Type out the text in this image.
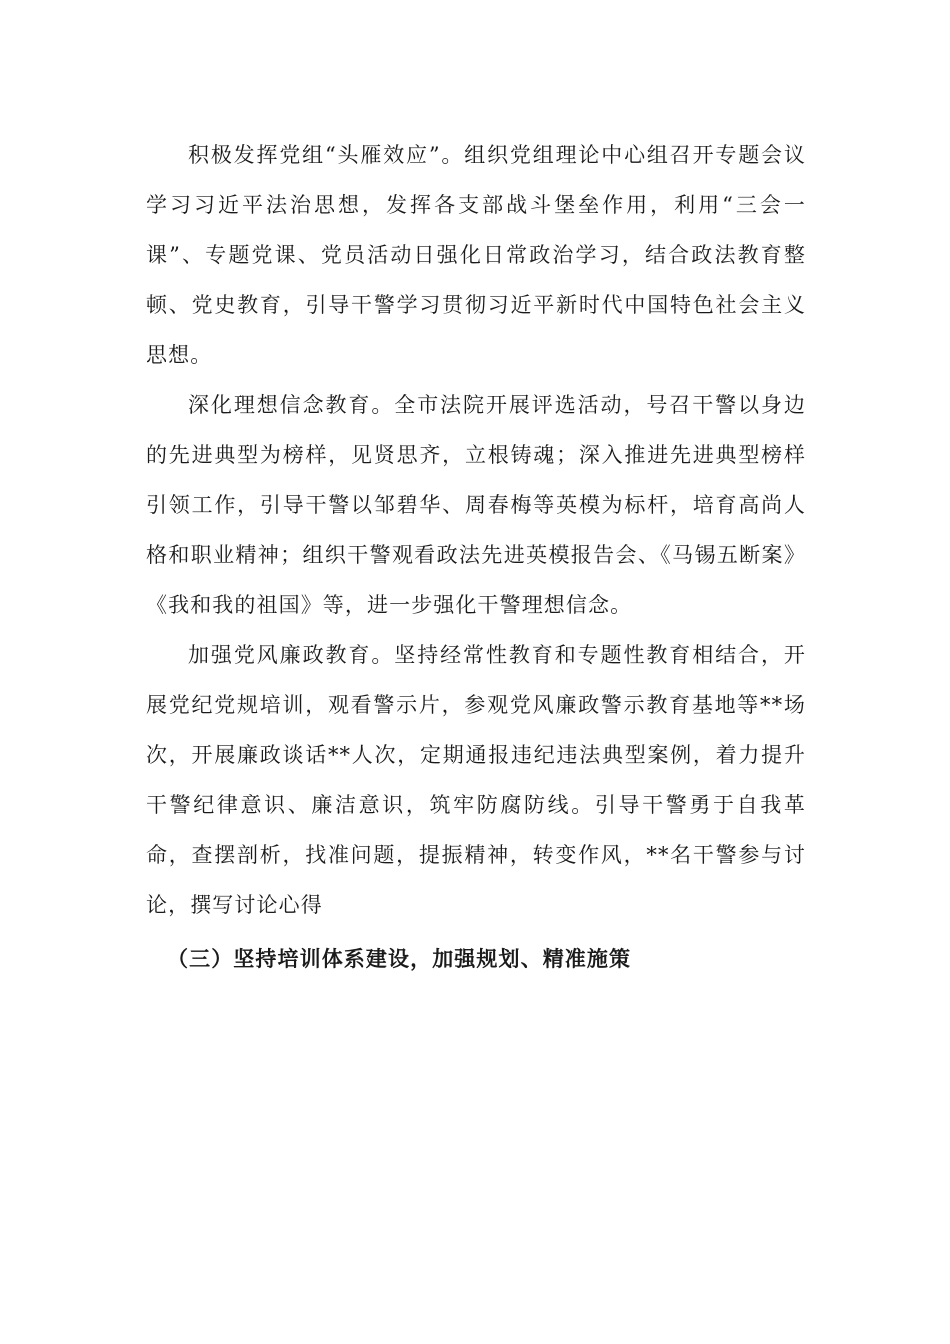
积极发挥党组“头雁效应”。组织党组理论中心组召开专题会议学习习近平法治思想，发挥各支部战斗堡垒作用，利用“三会一课”、专题党课、党员活动日强化日常政治学习，结合政法教育整顿、党史教育，引导干警学习贯彻习近平新时代中国特色社会主义思想。

深化理想信念教育。全市法院开展评选活动，号召干警以身边的先进典型为榜样，见贤思齐，立根铸魂；深入推进先进典型榜样引领工作，引导干警以邹碧华、周春梅等英模为标杆，培育高尚人格和职业精神；组织干警观看政法先进英模报告会、《马锡五断案》《我和我的祖国》等，进一步强化干警理想信念。

加强党风廉政教育。坚持经常性教育和专题性教育相结合，开展党纪党规培训，观看警示片，参观党风廉政警示教育基地等**场次，开展廉政谈话**人次，定期通报违纪违法典型案例，着力提升干警纪律意识、廉洁意识，筑牢防腐防线。引导干警勇于自我革命，查摆剖析，找准问题，提振精神，转变作风，**名干警参与讨论，撰写讨论心得

（三）坚持培训体系建设，加强规划、精准施策
